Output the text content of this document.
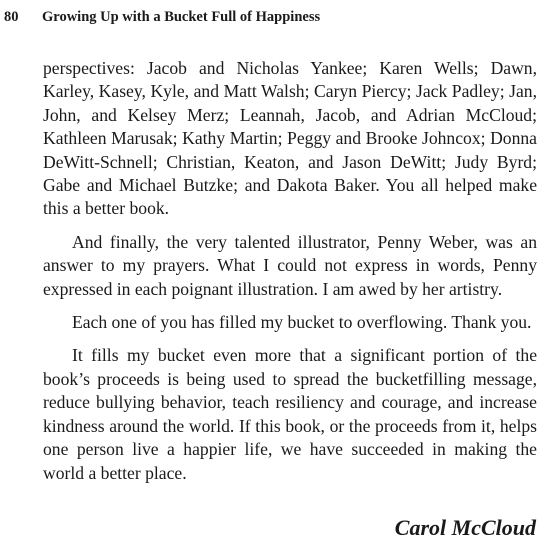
80	Growing Up with a Bucket Full of Happiness

perspectives: Jacob and Nicholas Yankee; Karen Wells; Dawn, Karley, Kasey, Kyle, and Matt Walsh; Caryn Piercy; Jack Padley; Jan, John, and Kelsey Merz; Leannah, Jacob, and Adrian McCloud; Kathleen Marusak; Kathy Martin; Peggy and Brooke Johncox; Donna DeWitt-Schnell; Christian, Keaton, and Jason DeWitt; Judy Byrd; Gabe and Michael Butzke; and Dakota Baker. You all helped make this a better book.

And finally, the very talented illustrator, Penny Weber, was an answer to my prayers. What I could not express in words, Penny expressed in each poignant illustration. I am awed by her artistry.

Each one of you has filled my bucket to overflowing. Thank you.

It fills my bucket even more that a significant portion of the book’s proceeds is being used to spread the bucketfilling message, reduce bullying behavior, teach resiliency and courage, and increase kindness around the world. If this book, or the proceeds from it, helps one person live a happier life, we have succeeded in making the world a better place.

Carol McCloud
